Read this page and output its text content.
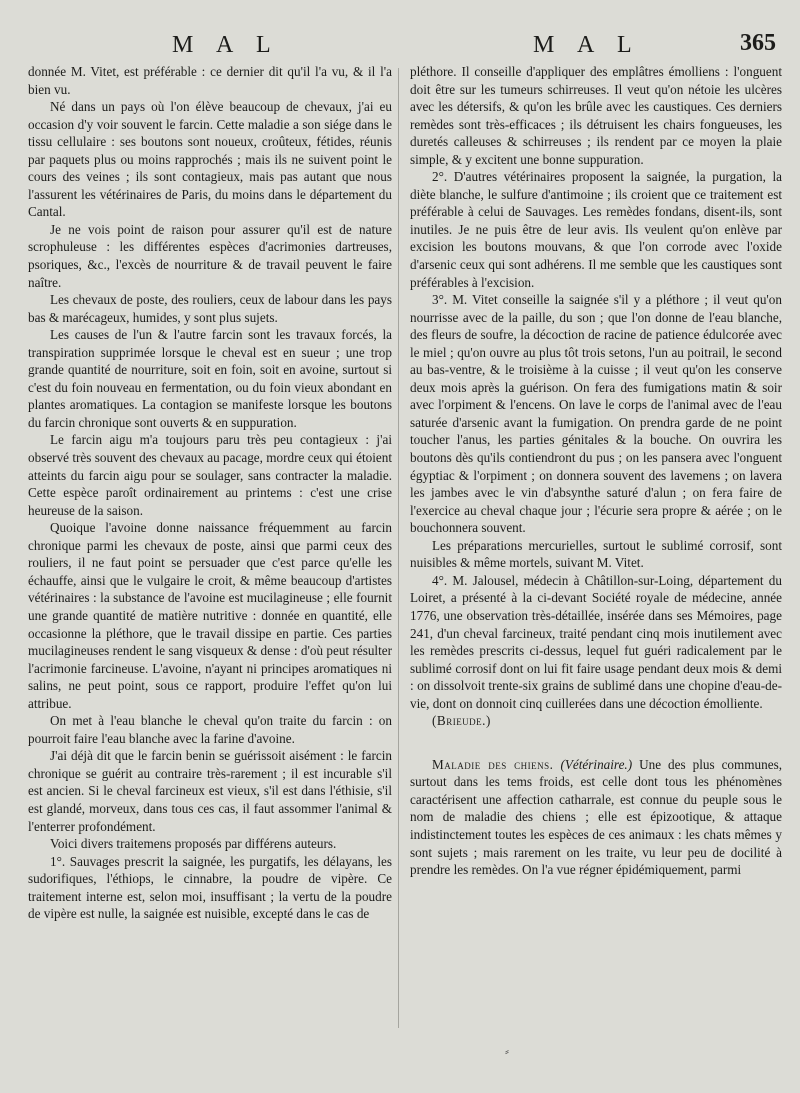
M A L	M A L	365

donnée M. Vitet, est préférable : ce dernier dit qu'il l'a vu, & il l'a bien vu.

Né dans un pays où l'on élève beaucoup de chevaux, j'ai eu occasion d'y voir souvent le farcin. Cette maladie a son siége dans le tissu cellulaire : ses boutons sont noueux, croûteux, fétides, réunis par paquets plus ou moins rapprochés ; mais ils ne suivent point le cours des veines ; ils sont contagieux, mais pas autant que nous l'assurent les vétérinaires de Paris, du moins dans le département du Cantal.

Je ne vois point de raison pour assurer qu'il est de nature scrophuleuse : les différentes espèces d'acrimonies dartreuses, psoriques, &c., l'excès de nourriture & de travail peuvent le faire naître.

Les chevaux de poste, des rouliers, ceux de labour dans les pays bas & marécageux, humides, y sont plus sujets.

Les causes de l'un & l'autre farcin sont les travaux forcés, la transpiration supprimée lorsque le cheval est en sueur ; une trop grande quantité de nourriture, soit en foin, soit en avoine, surtout si c'est du foin nouveau en fermentation, ou du foin vieux abondant en plantes aromatiques. La contagion se manifeste lorsque les boutons du farcin chronique sont ouverts & en suppuration.

Le farcin aigu m'a toujours paru très peu contagieux : j'ai observé très souvent des chevaux au pacage, mordre ceux qui étoient atteints du farcin aigu pour se soulager, sans contracter la maladie. Cette espèce paroît ordinairement au printems : c'est une crise heureuse de la saison.

Quoique l'avoine donne naissance fréquemment au farcin chronique parmi les chevaux de poste, ainsi que parmi ceux des rouliers, il ne faut point se persuader que c'est parce qu'elle les échauffe, ainsi que le vulgaire le croit, & même beaucoup d'artistes vétérinaires : la substance de l'avoine est mucilagineuse ; elle fournit une grande quantité de matière nutritive : donnée en quantité, elle occasionne la pléthore, que le travail dissipe en partie. Ces parties mucilagineuses rendent le sang visqueux & dense : d'où peut résulter l'acrimonie farcineuse. L'avoine, n'ayant ni principes aromatiques ni salins, ne peut point, sous ce rapport, produire l'effet qu'on lui attribue.

On met à l'eau blanche le cheval qu'on traite du farcin : on pourroit faire l'eau blanche avec la farine d'avoine.

J'ai déjà dit que le farcin benin se guérissoit aisément : le farcin chronique se guérit au contraire très-rarement ; il est incurable s'il est ancien. Si le cheval farcineux est vieux, s'il est dans l'éthisie, s'il est glandé, morveux, dans tous ces cas, il faut assommer l'animal & l'enterrer profondément.

Voici divers traitemens proposés par différens auteurs.

1°. Sauvages prescrit la saignée, les purgatifs, les délayans, les sudorifiques, l'éthiops, le cinnabre, la poudre de vipère. Ce traitement interne est, selon moi, insuffisant ; la vertu de la poudre de vipère est nulle, la saignée est nuisible, excepté dans le cas de

pléthore. Il conseille d'appliquer des emplâtres émolliens : l'onguent doit être sur les tumeurs schirreuses. Il veut qu'on nétoie les ulcères avec les détersifs, & qu'on les brûle avec les caustiques. Ces derniers remèdes sont très-efficaces ; ils détruisent les chairs fongueuses, les duretés calleuses & schirreuses ; ils rendent par ce moyen la plaie simple, & y excitent une bonne suppuration.

2°. D'autres vétérinaires proposent la saignée, la purgation, la diète blanche, le sulfure d'antimoine ; ils croient que ce traitement est préférable à celui de Sauvages. Les remèdes fondans, disent-ils, sont inutiles. Je ne puis être de leur avis. Ils veulent qu'on enlève par excision les boutons mouvans, & que l'on corrode avec l'oxide d'arsenic ceux qui sont adhérens. Il me semble que les caustiques sont préférables à l'excision.

3°. M. Vitet conseille la saignée s'il y a pléthore ; il veut qu'on nourrisse avec de la paille, du son ; que l'on donne de l'eau blanche, des fleurs de soufre, la décoction de racine de patience édulcorée avec le miel ; qu'on ouvre au plus tôt trois setons, l'un au poitrail, le second au bas-ventre, & le troisième à la cuisse ; il veut qu'on les conserve deux mois après la guérison. On fera des fumigations matin & soir avec l'orpiment & l'encens. On lave le corps de l'animal avec de l'eau saturée d'arsenic avant la fumigation. On prendra garde de ne point toucher l'anus, les parties génitales & la bouche. On ouvrira les boutons dès qu'ils contiendront du pus ; on les pansera avec l'onguent égyptiac & l'orpiment ; on donnera souvent des lavemens ; on lavera les jambes avec le vin d'absynthe saturé d'alun ; on fera faire de l'exercice au cheval chaque jour ; l'écurie sera propre & aérée ; on le bouchonnera souvent.

Les préparations mercurielles, surtout le sublimé corrosif, sont nuisibles & même mortels, suivant M. Vitet.

4°. M. Jalousel, médecin à Châtillon-sur-Loing, département du Loiret, a présenté à la ci-devant Société royale de médecine, année 1776, une observation très-détaillée, insérée dans ses Mémoires, page 241, d'un cheval farcineux, traité pendant cinq mois inutilement avec les remèdes prescrits ci-dessus, lequel fut guéri radicalement par le sublimé corrosif dont on lui fit faire usage pendant deux mois & demi : on dissolvoit trente-six grains de sublimé dans une chopine d'eau-de-vie, dont on donnoit cinq cuillerées dans une décoction émolliente.

(Brieude.)

Maladie des chiens. (Vétérinaire.) Une des plus communes, surtout dans les tems froids, est celle dont tous les phénomènes caractérisent une affection catharrale, est connue du peuple sous le nom de maladie des chiens ; elle est épizootique, & attaque indistinctement toutes les espèces de ces animaux : les chats mêmes y sont sujets ; mais rarement on les traite, vu leur peu de docilité à prendre les remèdes. On l'a vue régner épidémiquement, parmi

⸗
